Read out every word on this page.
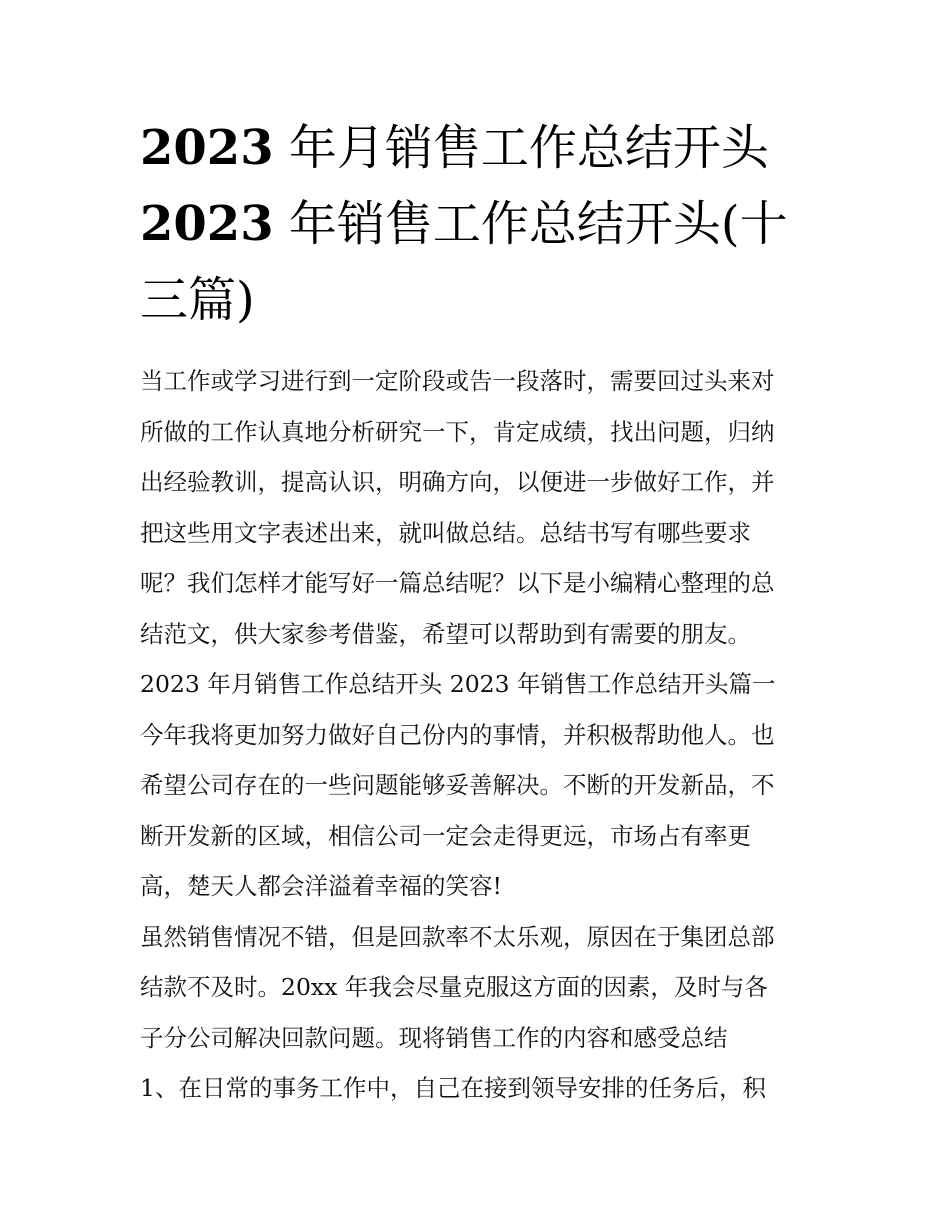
2023 年月销售工作总结开头
2023 年销售工作总结开头(十
三篇)
当工作或学习进行到一定阶段或告一段落时，需要回过头来对
所做的工作认真地分析研究一下，肯定成绩，找出问题，归纳
出经验教训，提高认识，明确方向，以便进一步做好工作，并
把这些用文字表述出来，就叫做总结。总结书写有哪些要求
呢？我们怎样才能写好一篇总结呢？以下是小编精心整理的总
结范文，供大家参考借鉴，希望可以帮助到有需要的朋友。
2023 年月销售工作总结开头 2023 年销售工作总结开头篇一
今年我将更加努力做好自己份内的事情，并积极帮助他人。也
希望公司存在的一些问题能够妥善解决。不断的开发新品，不
断开发新的区域，相信公司一定会走得更远，市场占有率更
高，楚天人都会洋溢着幸福的笑容!
虽然销售情况不错，但是回款率不太乐观，原因在于集团总部
结款不及时。20xx 年我会尽量克服这方面的因素，及时与各
子分公司解决回款问题。现将销售工作的内容和感受总结
1、在日常的事务工作中，自己在接到领导安排的任务后，积
